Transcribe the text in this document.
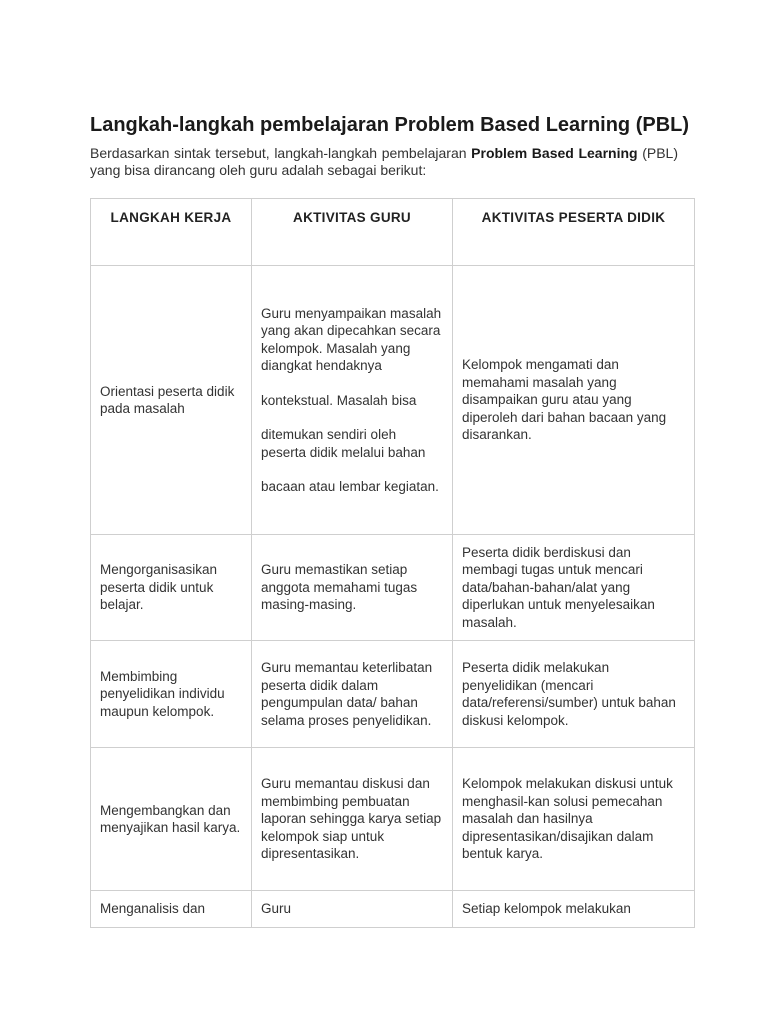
Langkah-langkah pembelajaran Problem Based Learning (PBL)

Berdasarkan sintak tersebut, langkah-langkah pembelajaran Problem Based Learning (PBL) yang bisa dirancang oleh guru adalah sebagai berikut:

LANGKAH KERJA	AKTIVITAS GURU	AKTIVITAS PESERTA DIDIK
Orientasi peserta didik pada masalah	Guru menyampaikan masalah yang akan dipecahkan secara kelompok. Masalah yang diangkat hendaknya

kontekstual. Masalah bisa

ditemukan sendiri oleh peserta didik melalui bahan

bacaan atau lembar kegiatan.	Kelompok mengamati dan memahami masalah yang disampaikan guru atau yang diperoleh dari bahan bacaan yang disarankan.
Mengorganisasikan peserta didik untuk belajar.	Guru memastikan setiap anggota memahami tugas masing-masing.	Peserta didik berdiskusi dan membagi tugas untuk mencari data/bahan-bahan/alat yang diperlukan untuk menyelesaikan masalah.
Membimbing penyelidikan individu maupun kelompok.	Guru memantau keterlibatan peserta didik dalam pengumpulan data/ bahan selama proses penyelidikan.	Peserta didik melakukan penyelidikan (mencari data/referensi/sumber) untuk bahan diskusi kelompok.
Mengembangkan dan menyajikan hasil karya.	Guru memantau diskusi dan membimbing pembuatan laporan sehingga karya setiap kelompok siap untuk dipresentasikan.	Kelompok melakukan diskusi untuk menghasil-kan solusi pemecahan masalah dan hasilnya dipresentasikan/disajikan dalam bentuk karya.
Menganalisis dan	Guru	Setiap kelompok melakukan
